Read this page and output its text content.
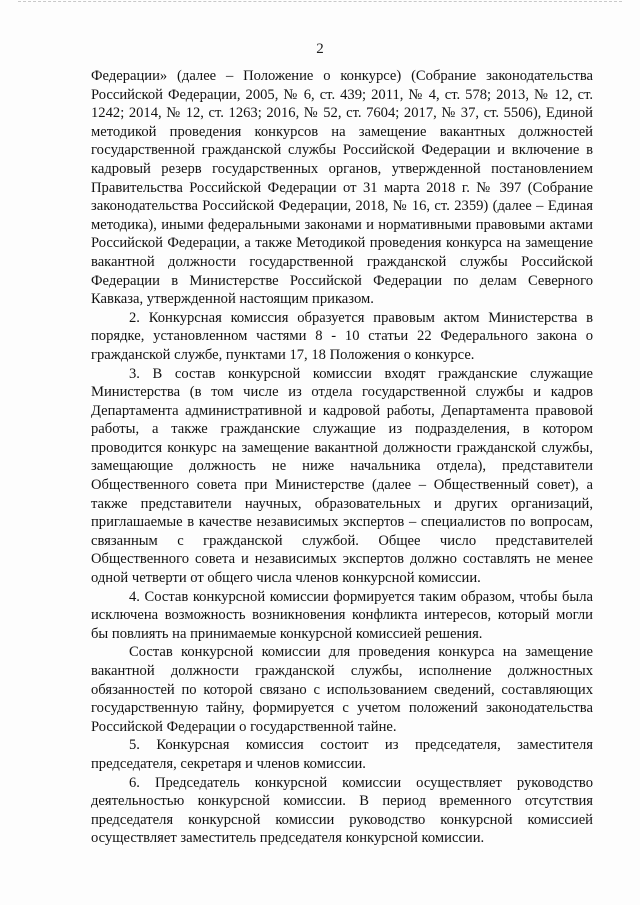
2

Федерации» (далее – Положение о конкурсе) (Собрание законодательства Российской Федерации, 2005, № 6, ст. 439; 2011, № 4, ст. 578; 2013, № 12, ст. 1242; 2014, № 12, ст. 1263; 2016, № 52, ст. 7604; 2017, № 37, ст. 5506), Единой методикой проведения конкурсов на замещение вакантных должностей государственной гражданской службы Российской Федерации и включение в кадровый резерв государственных органов, утвержденной постановлением Правительства Российской Федерации от 31 марта 2018 г. № 397 (Собрание законодательства Российской Федерации, 2018, № 16, ст. 2359) (далее – Единая методика), иными федеральными законами и нормативными правовыми актами Российской Федерации, а также Методикой проведения конкурса на замещение вакантной должности государственной гражданской службы Российской Федерации в Министерстве Российской Федерации по делам Северного Кавказа, утвержденной настоящим приказом.

2. Конкурсная комиссия образуется правовым актом Министерства в порядке, установленном частями 8 - 10 статьи 22 Федерального закона о гражданской службе, пунктами 17, 18 Положения о конкурсе.

3. В состав конкурсной комиссии входят гражданские служащие Министерства (в том числе из отдела государственной службы и кадров Департамента административной и кадровой работы, Департамента правовой работы, а также гражданские служащие из подразделения, в котором проводится конкурс на замещение вакантной должности гражданской службы, замещающие должность не ниже начальника отдела), представители Общественного совета при Министерстве (далее – Общественный совет), а также представители научных, образовательных и других организаций, приглашаемые в качестве независимых экспертов – специалистов по вопросам, связанным с гражданской службой. Общее число представителей Общественного совета и независимых экспертов должно составлять не менее одной четверти от общего числа членов конкурсной комиссии.

4. Состав конкурсной комиссии формируется таким образом, чтобы была исключена возможность возникновения конфликта интересов, который могли бы повлиять на принимаемые конкурсной комиссией решения.

Состав конкурсной комиссии для проведения конкурса на замещение вакантной должности гражданской службы, исполнение должностных обязанностей по которой связано с использованием сведений, составляющих государственную тайну, формируется с учетом положений законодательства Российской Федерации о государственной тайне.

5. Конкурсная комиссия состоит из председателя, заместителя председателя, секретаря и членов комиссии.

6. Председатель конкурсной комиссии осуществляет руководство деятельностью конкурсной комиссии. В период временного отсутствия председателя конкурсной комиссии руководство конкурсной комиссией осуществляет заместитель председателя конкурсной комиссии.
